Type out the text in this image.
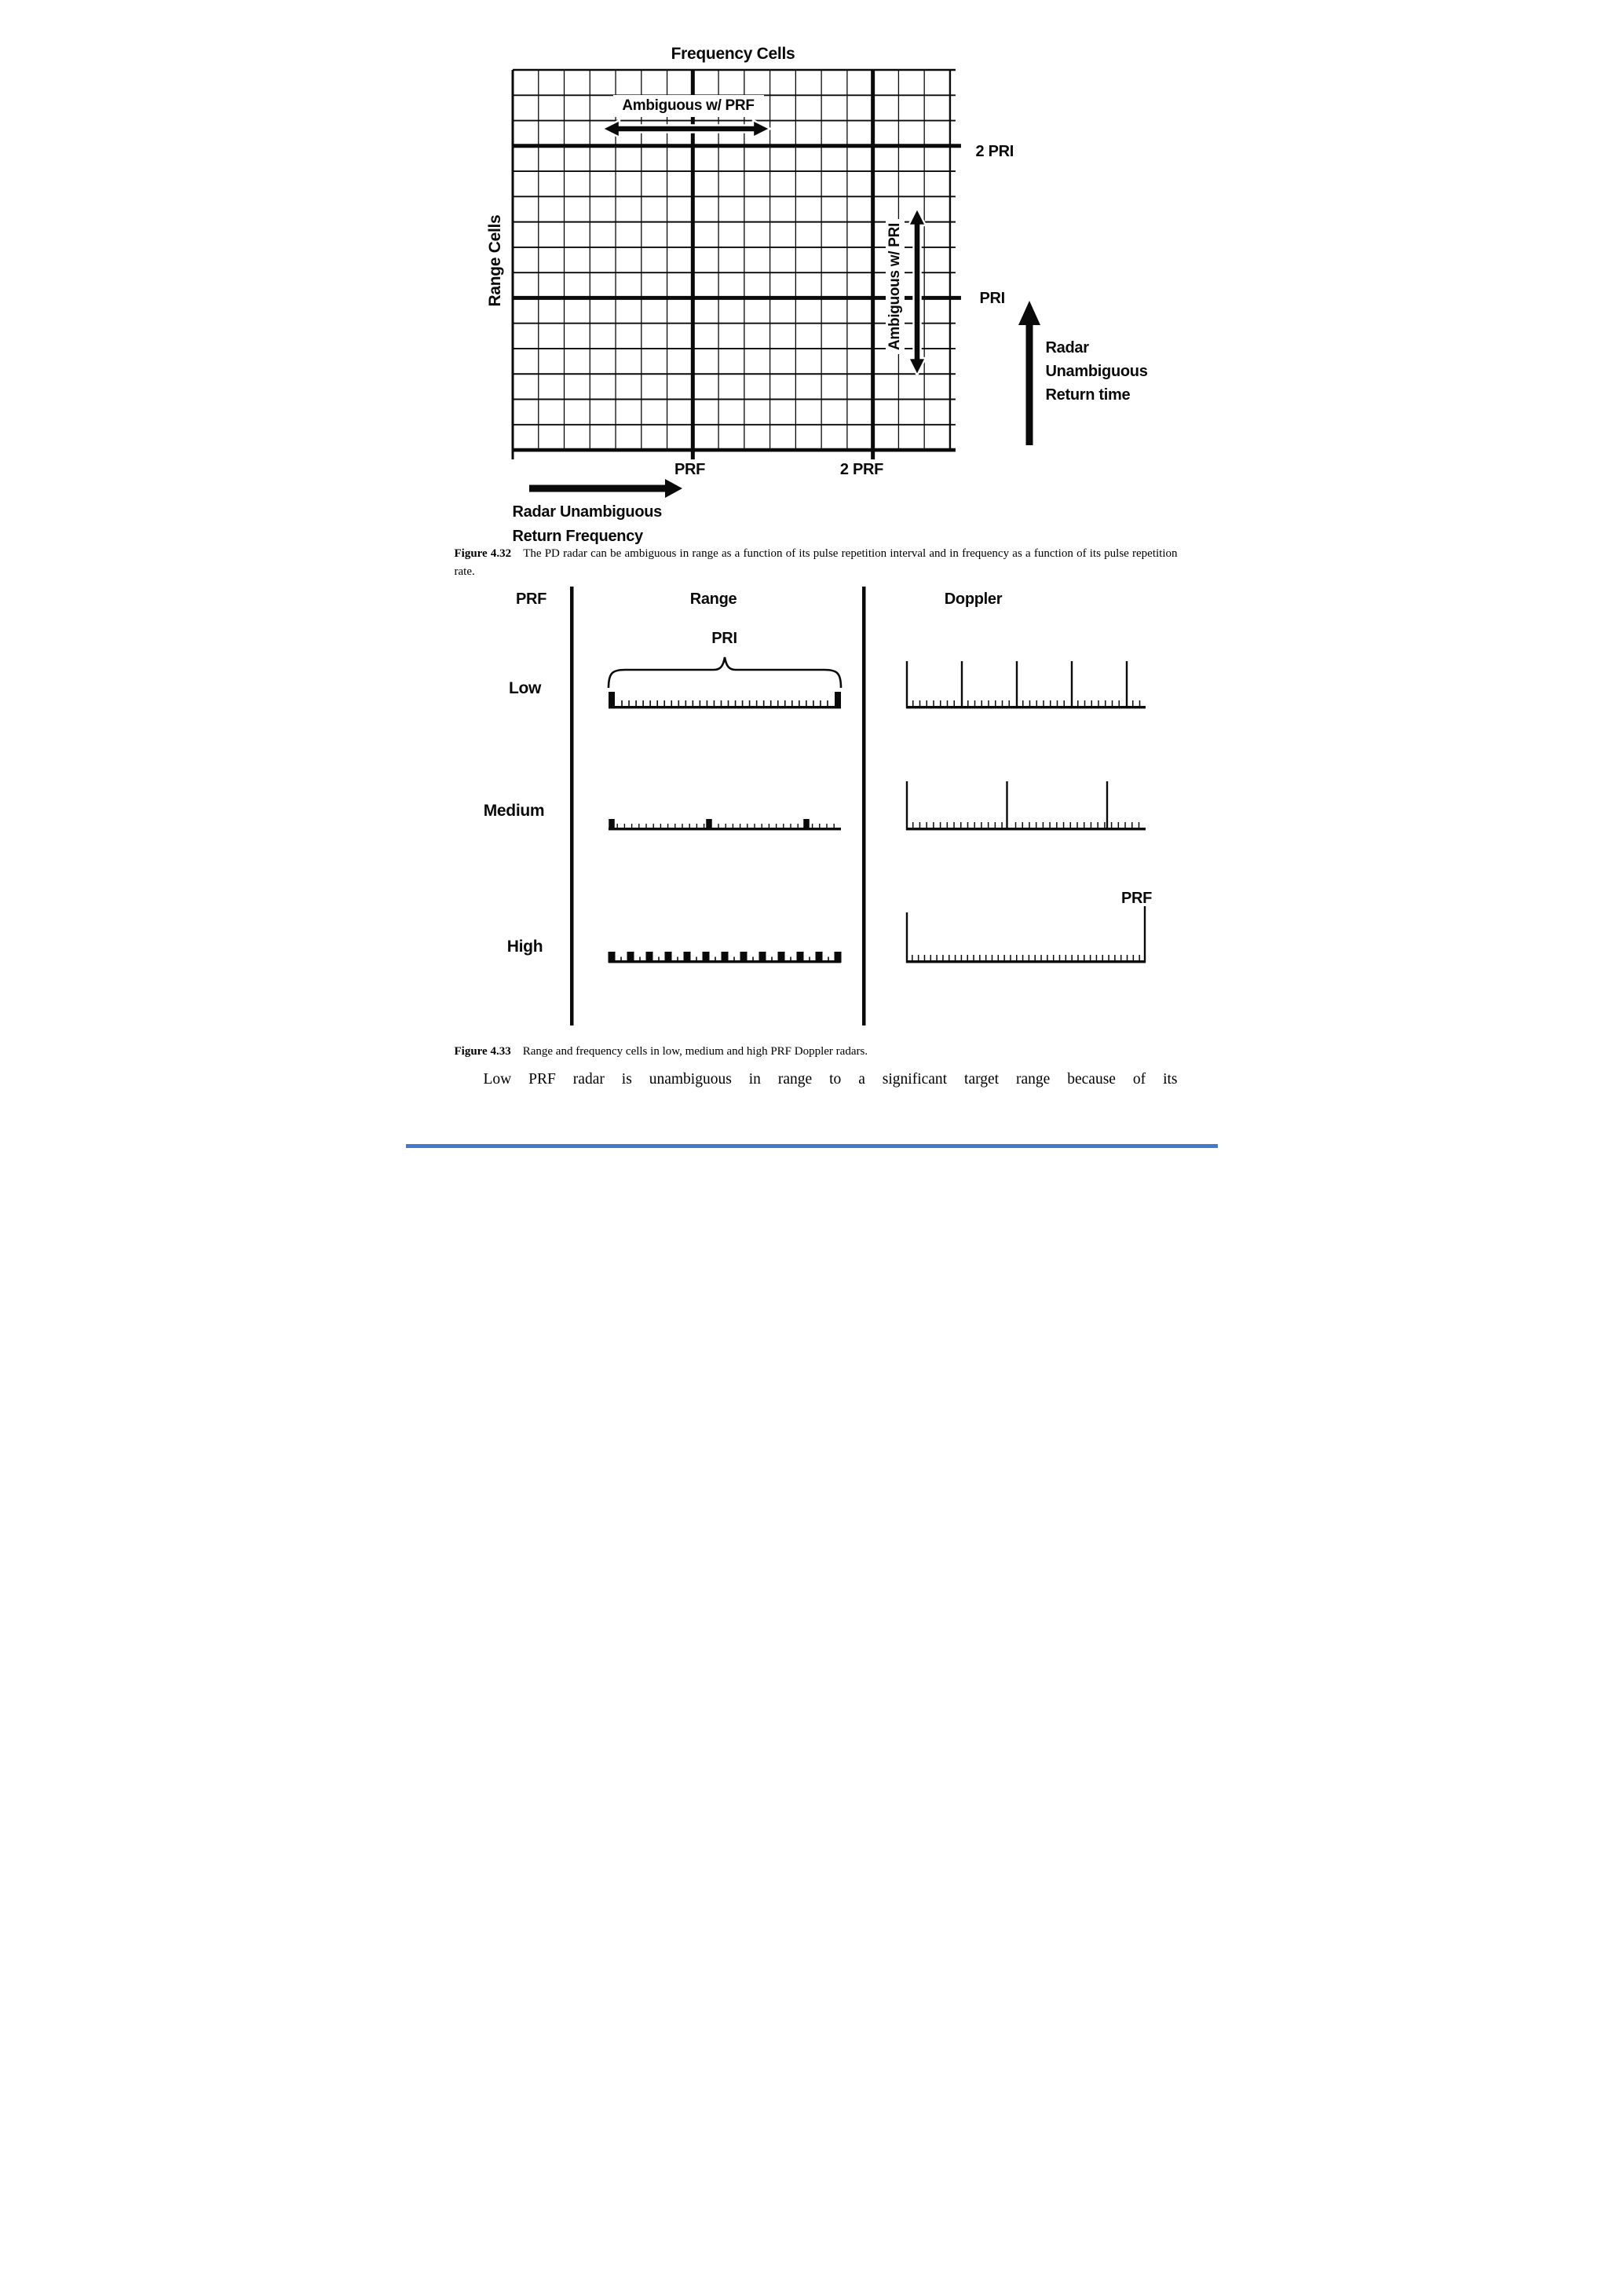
Frequency Cells
Range Cells
Ambiguous w/ PRF
Ambiguous w/ PRI
2 PRI
PRI
Radar
Unambiguous
Return time
PRF	2 PRF
Radar Unambiguous
Return Frequency

Figure 4.32 The PD radar can be ambiguous in range as a function of its pulse repetition interval and in frequency as a function of its pulse repetition rate.

PRF	Range	Doppler
Low
Medium
High
PRI
PRF

Figure 4.33 Range and frequency cells in low, medium and high PRF Doppler radars.

Low PRF radar is unambiguous in range to a significant target range because of its
